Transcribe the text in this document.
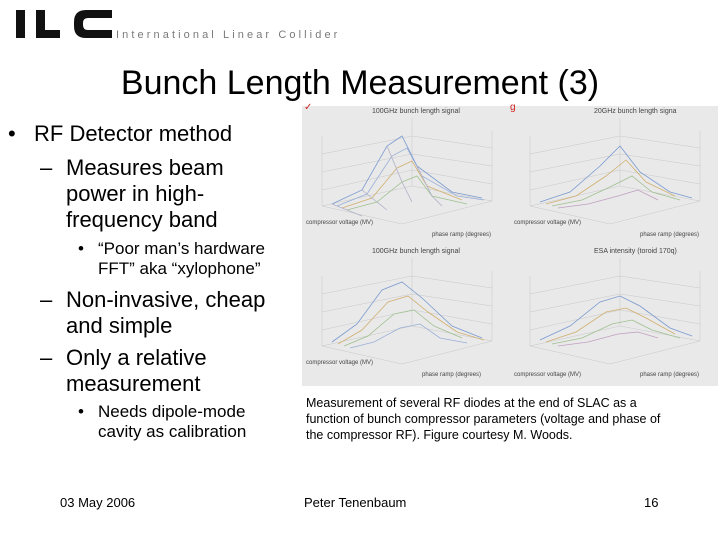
International Linear Collider
Bunch Length Measurement (3)
• RF Detector method
– Measures beam
power in high-
frequency band
• “Poor man’s hardware
FFT” aka “xylophone”
– Non-invasive, cheap
and simple
– Only a relative
measurement
• Needs dipole-mode
cavity as calibration
✓	g
100GHz bunch length signal
compressor voltage (MV)
phase ramp (degrees)
20GHz bunch length signa
compressor voltage (MV)
phase ramp (degrees)
100GHz bunch length signal
compressor voltage (MV)
phase ramp (degrees)
ESA intensity (toroid 170q)
compressor voltage (MV)	phase ramp (degrees)
Measurement of several RF diodes at the end of SLAC as a
function of bunch compressor parameters (voltage and phase of
the compressor RF). Figure courtesy M. Woods.
03 May 2006	Peter Tenenbaum	16
